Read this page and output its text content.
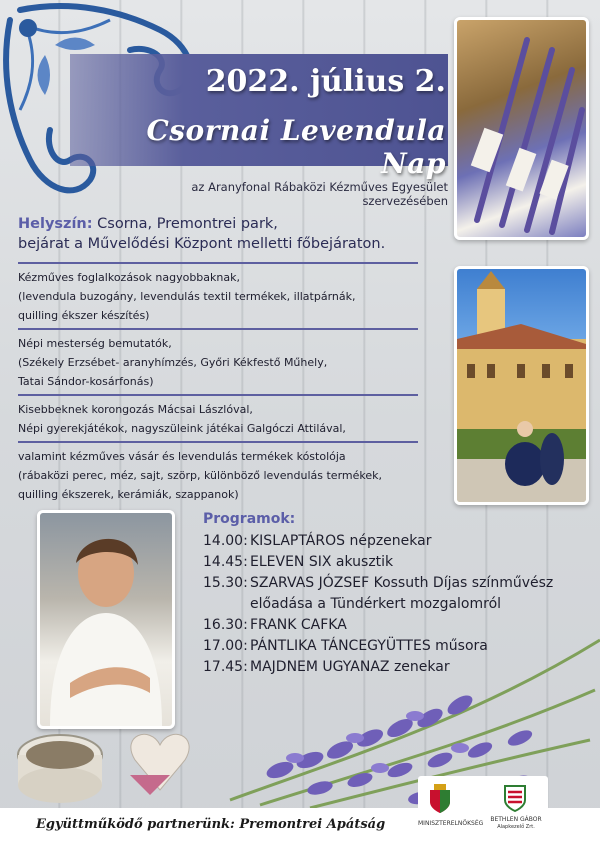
2022. július 2.
Csornai Levendula Nap
az Aranyfonal Rábaközi Kézműves Egyesület szervezésében
Helyszín: Csorna, Premontrei park,
bejárat a Művelődési Központ melletti főbejáraton.
Kézműves foglalkozások nagyobbaknak,
(levendula buzogány, levendulás textil termékek, illatpárnák,
quilling ékszer készítés)
Népi mesterség bemutatók,
(Székely Erzsébet- aranyhímzés, Győri Kékfestő Műhely,
Tatai Sándor-kosárfonás)
Kisebbeknek korongozás Mácsai Lászlóval,
Népi gyerekjátékok, nagyszüleink játékai Galgóczi Attilával,
valamint kézműves vásár és levendulás termékek kóstolója
(rábaközi perec, méz, sajt, szörp, különböző levendulás termékek,
quilling ékszerek, kerámiák, szappanok)
Programok:
14.00: KISLAPTÁROS népzenekar
14.45: ELEVEN SIX akusztik
15.30: SZARVAS JÓZSEF Kossuth Díjas színművész
előadása a Tündérkert mozgalomról
16.30: FRANK CAFKA
17.00: PÁNTLIKA TÁNCEGYÜTTES műsora
17.45: MAJDNEM UGYANAZ zenekar
Együttműködő partnerünk: Premontrei Apátság	MINISZTERELNÖKSÉG
BETHLEN GÁBOR
Alapkezelő Zrt.
